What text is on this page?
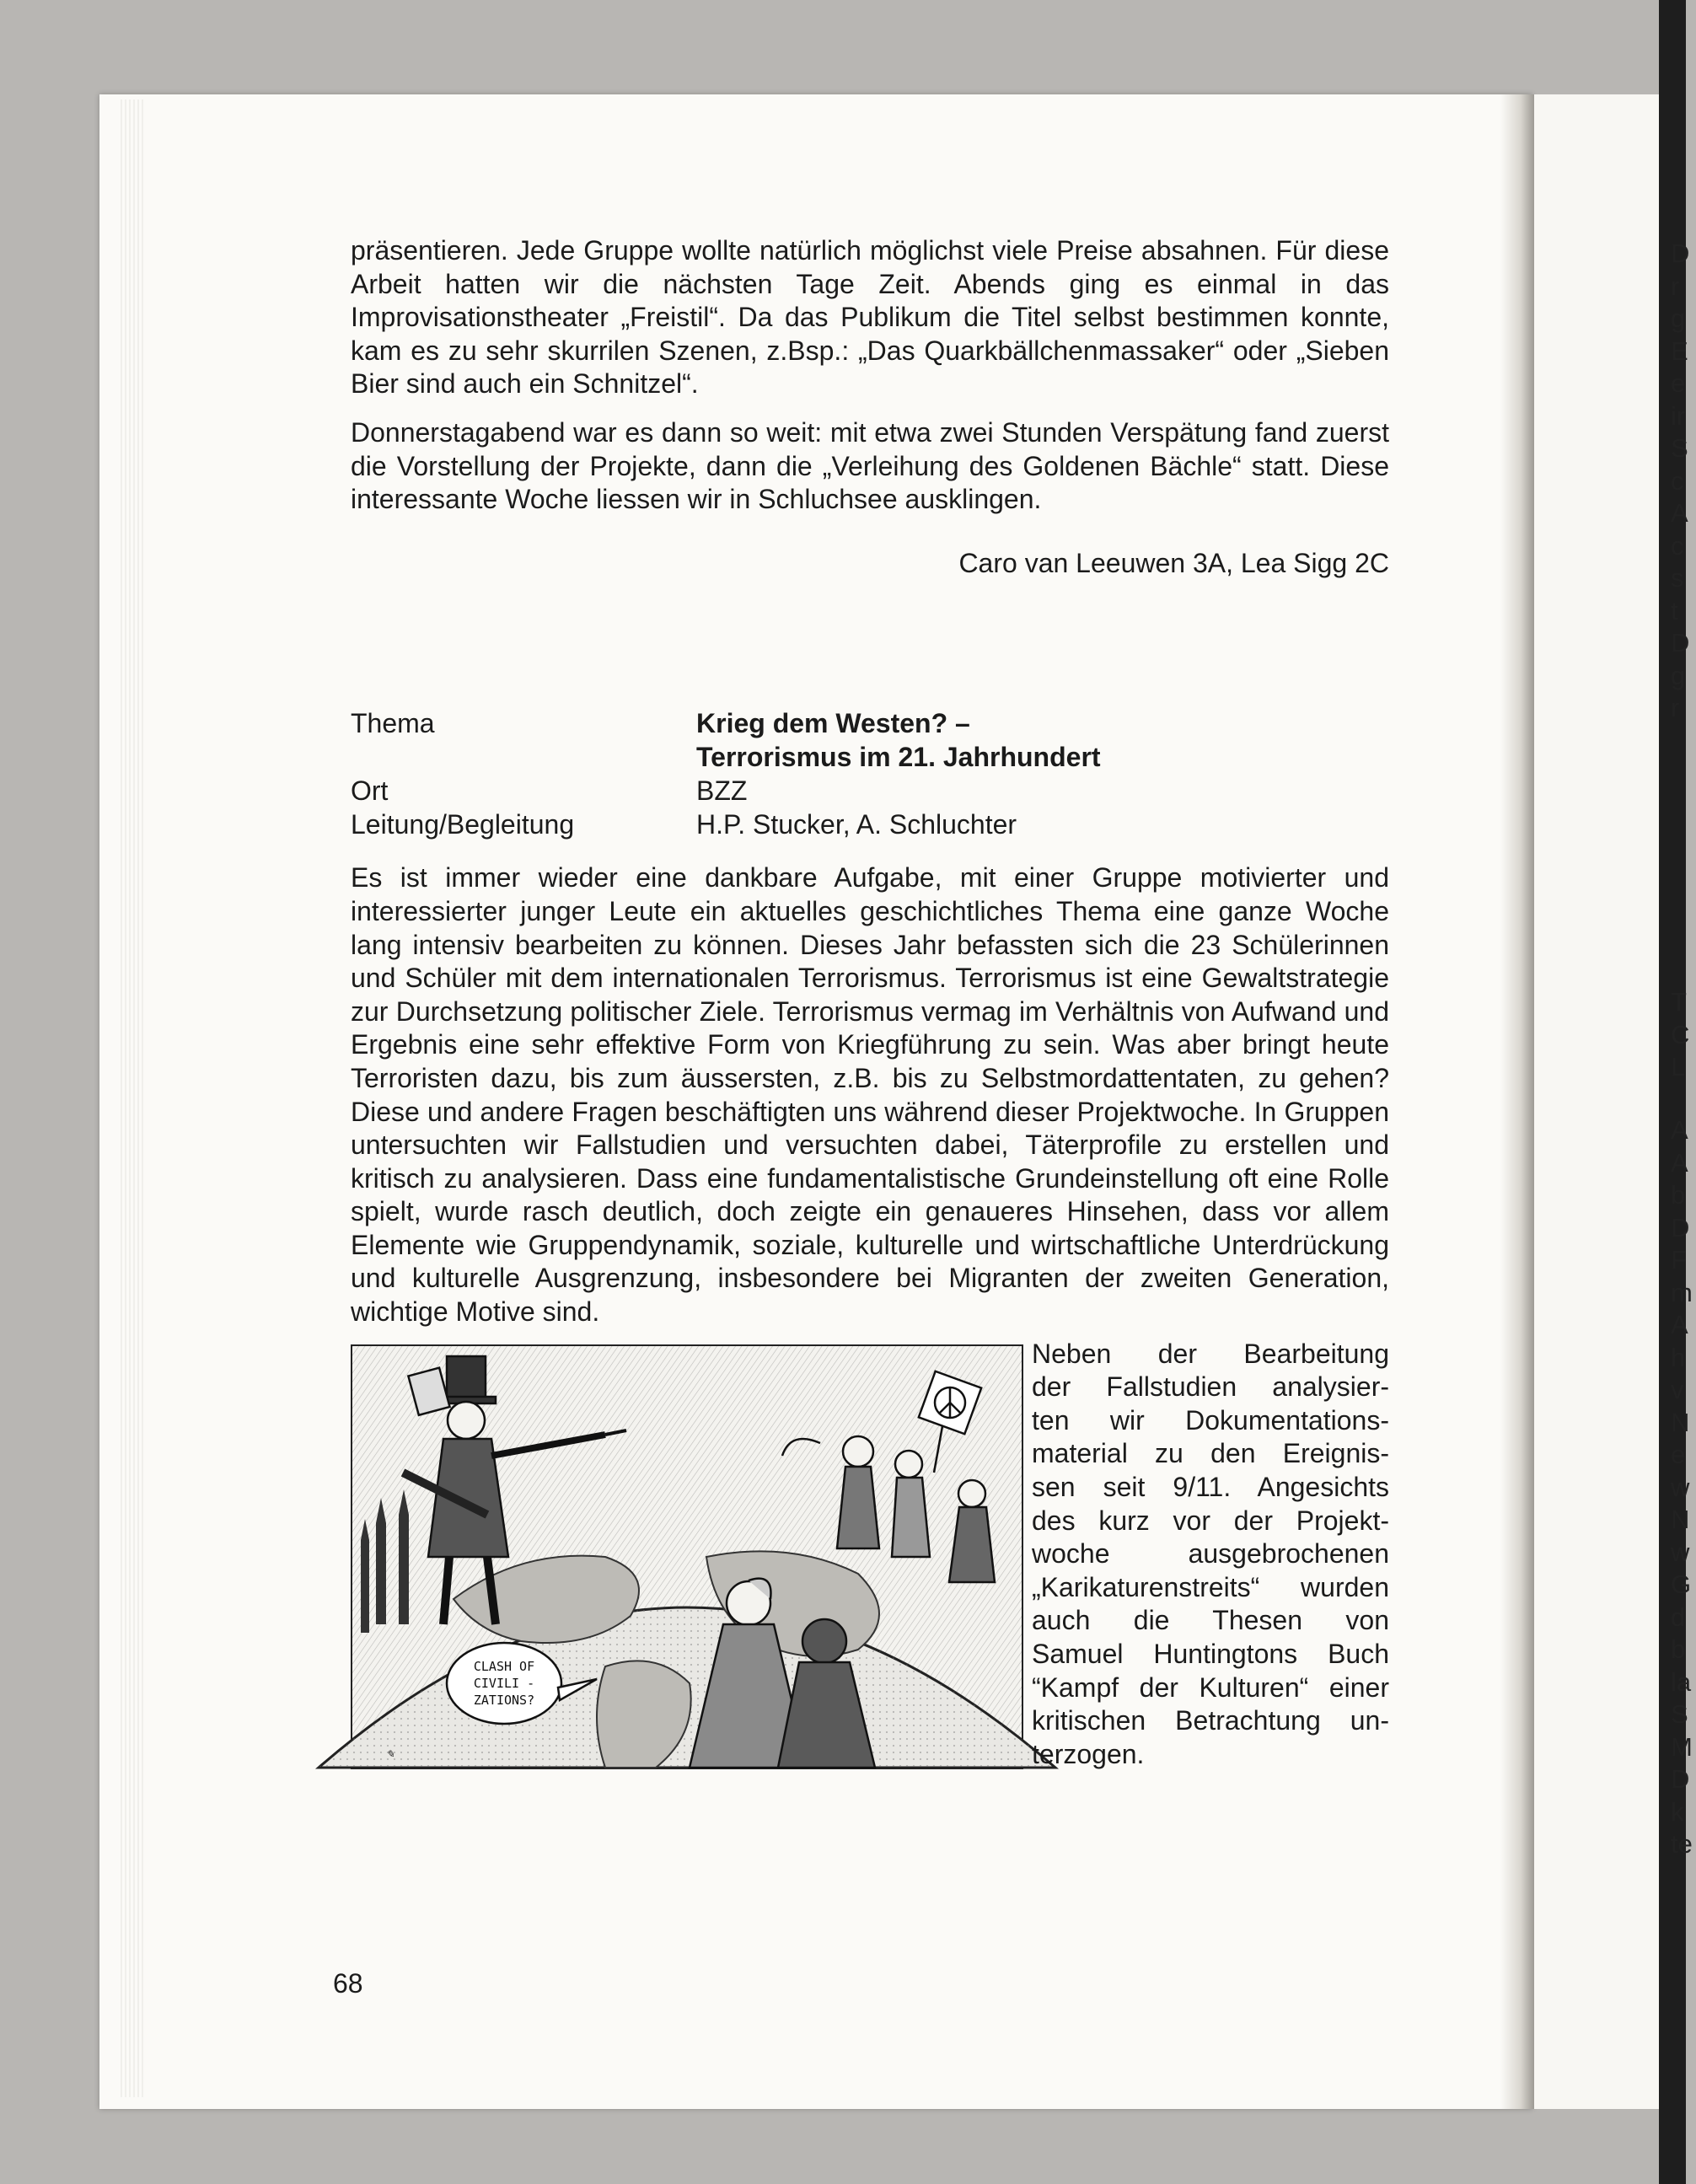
D
r
g
E
e
ir
S
c
A
c
s
t
D
g
r
T
C
L
A
A
b
D
F
m
A
h
v
N
e
w
N
w
G
d
b
la
S
M
D
k
te

präsentieren. Jede Gruppe wollte natürlich möglichst viele Preise absahnen. Für diese Arbeit hatten wir die nächsten Tage Zeit. Abends ging es einmal in das Improvisationstheater „Freistil“. Da das Publikum die Titel selbst bestimmen konnte, kam es zu sehr skurrilen Szenen, z.Bsp.: „Das Quarkbällchenmassaker“ oder „Sieben Bier sind auch ein Schnitzel“.

Donnerstagabend war es dann so weit: mit etwa zwei Stunden Verspätung fand zuerst die Vorstellung der Projekte, dann die „Verleihung des Goldenen Bächle“ statt. Diese interessante Woche liessen wir in Schluchsee ausklingen.

Caro van Leeuwen 3A, Lea Sigg 2C
Thema	Krieg dem Westen? –
Terrorismus im 21. Jahrhundert
Ort	BZZ
Leitung/Begleitung	H.P. Stucker, A. Schluchter

Es ist immer wieder eine dankbare Aufgabe, mit einer Gruppe motivierter und interessierter junger Leute ein aktuelles geschichtliches Thema eine ganze Woche lang intensiv bearbeiten zu können. Dieses Jahr befassten sich die 23 Schülerinnen und Schüler mit dem internationalen Terrorismus. Terrorismus ist eine Gewaltstrategie zur Durchsetzung politischer Ziele. Terrorismus vermag im Verhältnis von Aufwand und Ergebnis eine sehr effektive Form von Kriegführung zu sein. Was aber bringt heute Terroristen dazu, bis zum äussersten, z.B. bis zu Selbstmordattentaten, zu gehen? Diese und andere Fragen beschäftigten uns während dieser Projektwoche. In Gruppen untersuchten wir Fallstudien und versuchten dabei, Täterprofile zu erstellen und kritisch zu analysieren. Dass eine fundamentalistische Grundeinstellung oft eine Rolle spielt, wurde rasch deutlich, doch zeigte ein genaueres Hinsehen, dass vor allem Elemente wie Gruppendynamik, soziale, kulturelle und wirtschaftliche Unterdrückung und kulturelle Ausgrenzung, insbesondere bei Migranten der zweiten Generation, wichtige Motive sind.

CLASH OF
CIVILI -
ZATIONS?
✎
Neben der Bearbeitung
der Fallstudien analysier-
ten wir Dokumentations-
material zu den Ereignis-
sen seit 9/11. Angesichts
des kurz vor der Projekt-
woche ausgebrochenen
„Karikaturenstreits“ wurden
auch die Thesen von
Samuel Huntingtons Buch
“Kampf der Kulturen“ einer
kritischen Betrachtung un-
terzogen.
68
